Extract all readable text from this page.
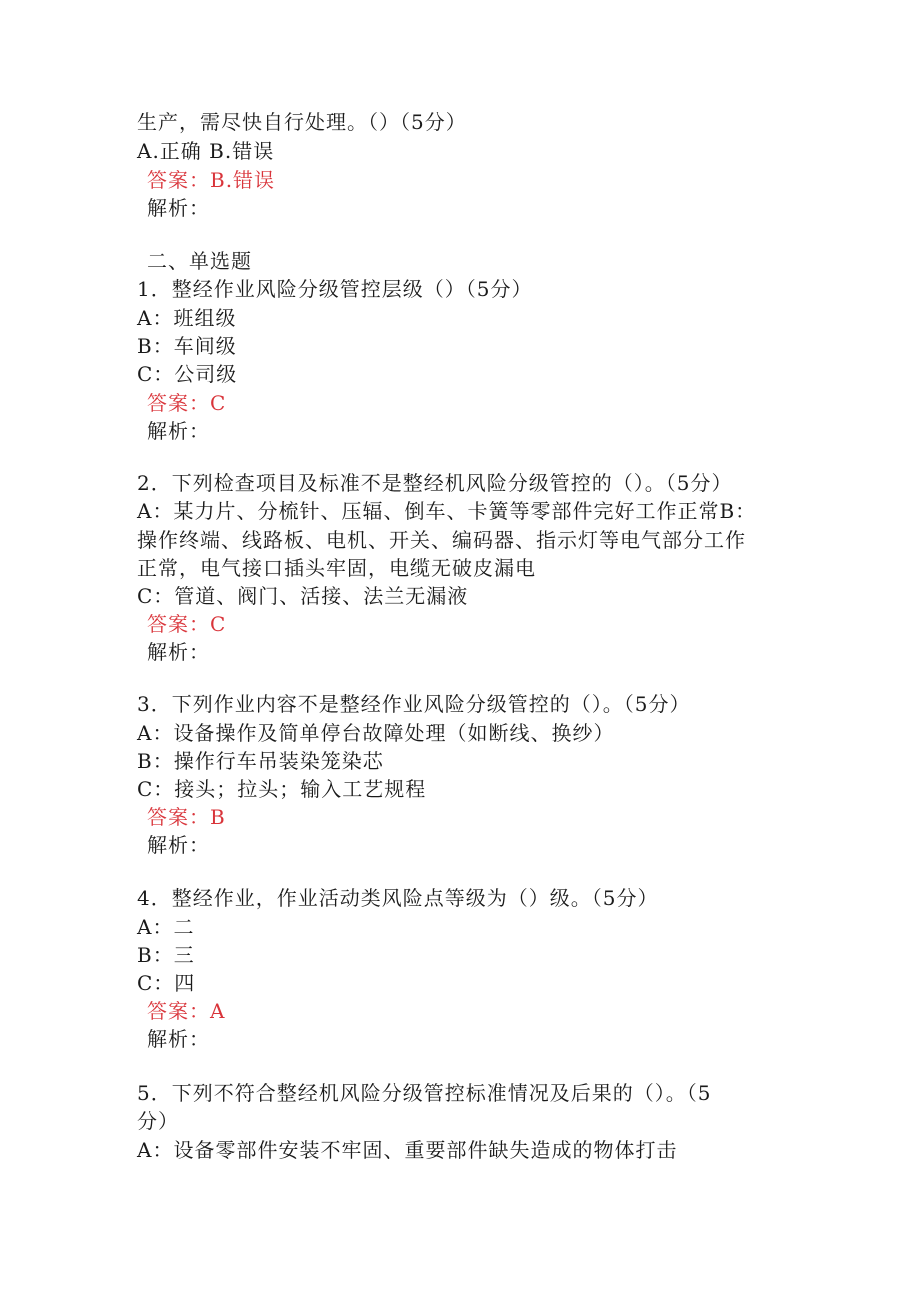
生产，需尽快自行处理。（）（5分）
A.正确 B.错误
答案：B.错误
解析：
二、单选题
1．整经作业风险分级管控层级（）（5分）
A：班组级
B：车间级
C：公司级
答案：C
解析：
2．下列检查项目及标准不是整经机风险分级管控的（）。（5分）
A：某力片、分梳针、压辐、倒车、卡簧等零部件完好工作正常B：
操作终端、线路板、电机、开关、编码器、指示灯等电气部分工作
正常，电气接口插头牢固，电缆无破皮漏电
C：管道、阀门、活接、法兰无漏液
答案：C
解析：
3．下列作业内容不是整经作业风险分级管控的（）。（5分）
A：设备操作及简单停台故障处理（如断线、换纱）
B：操作行车吊装染笼染芯
C：接头；拉头；输入工艺规程
答案：B
解析：
4．整经作业，作业活动类风险点等级为（）级。（5分）
A：二
B：三
C：四
答案：A
解析：
5．下列不符合整经机风险分级管控标准情况及后果的（）。（5
分）
A：设备零部件安装不牢固、重要部件缺失造成的物体打击
